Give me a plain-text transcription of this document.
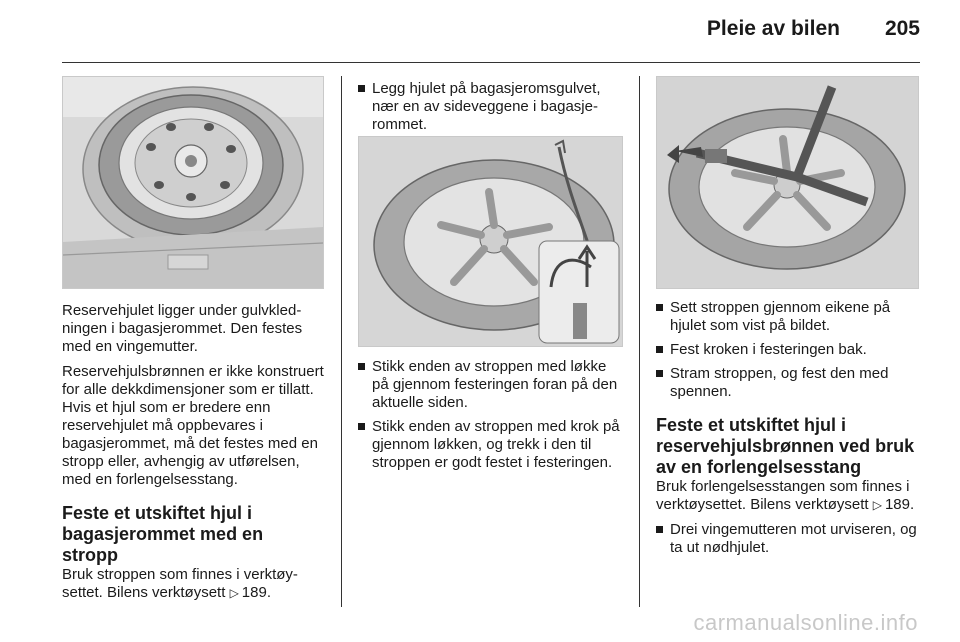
Pleie av bilen 205

Reservehjulet ligger under gulvkledningen i bagasjerommet. Den festes med en vingemutter.

Reservehjulsbrønnen er ikke konstruert for alle dekkdimensjoner som er tillatt. Hvis et hjul som er bredere enn reservehjulet må oppbevares i bagasjerommet, må det festes med en stropp eller, avhengig av utførelsen, med en forlengelsesstang.

Feste et utskiftet hjul i bagasjerommet med en stropp

Bruk stroppen som finnes i verktøysettet. Bilens verktøysett ▷ 189.

Legg hjulet på bagasjeromsgulvet, nær en av sideveggene i bagasjerommet.
Stikk enden av stroppen med løkke på gjennom festeringen foran på den aktuelle siden.
Stikk enden av stroppen med krok på gjennom løkken, og trekk i den til stroppen er godt festet i festeringen.
Sett stroppen gjennom eikene på hjulet som vist på bildet.
Fest kroken i festeringen bak.
Stram stroppen, og fest den med spennen.
Feste et utskiftet hjul i reservehjulsbrønnen ved bruk av en forlengelsesstang

Bruk forlengelsesstangen som finnes i verktøysettet. Bilens verktøysett ▷ 189.

Drei vingemutteren mot urviseren, og ta ut nødhjulet.
carmanualsonline.info
